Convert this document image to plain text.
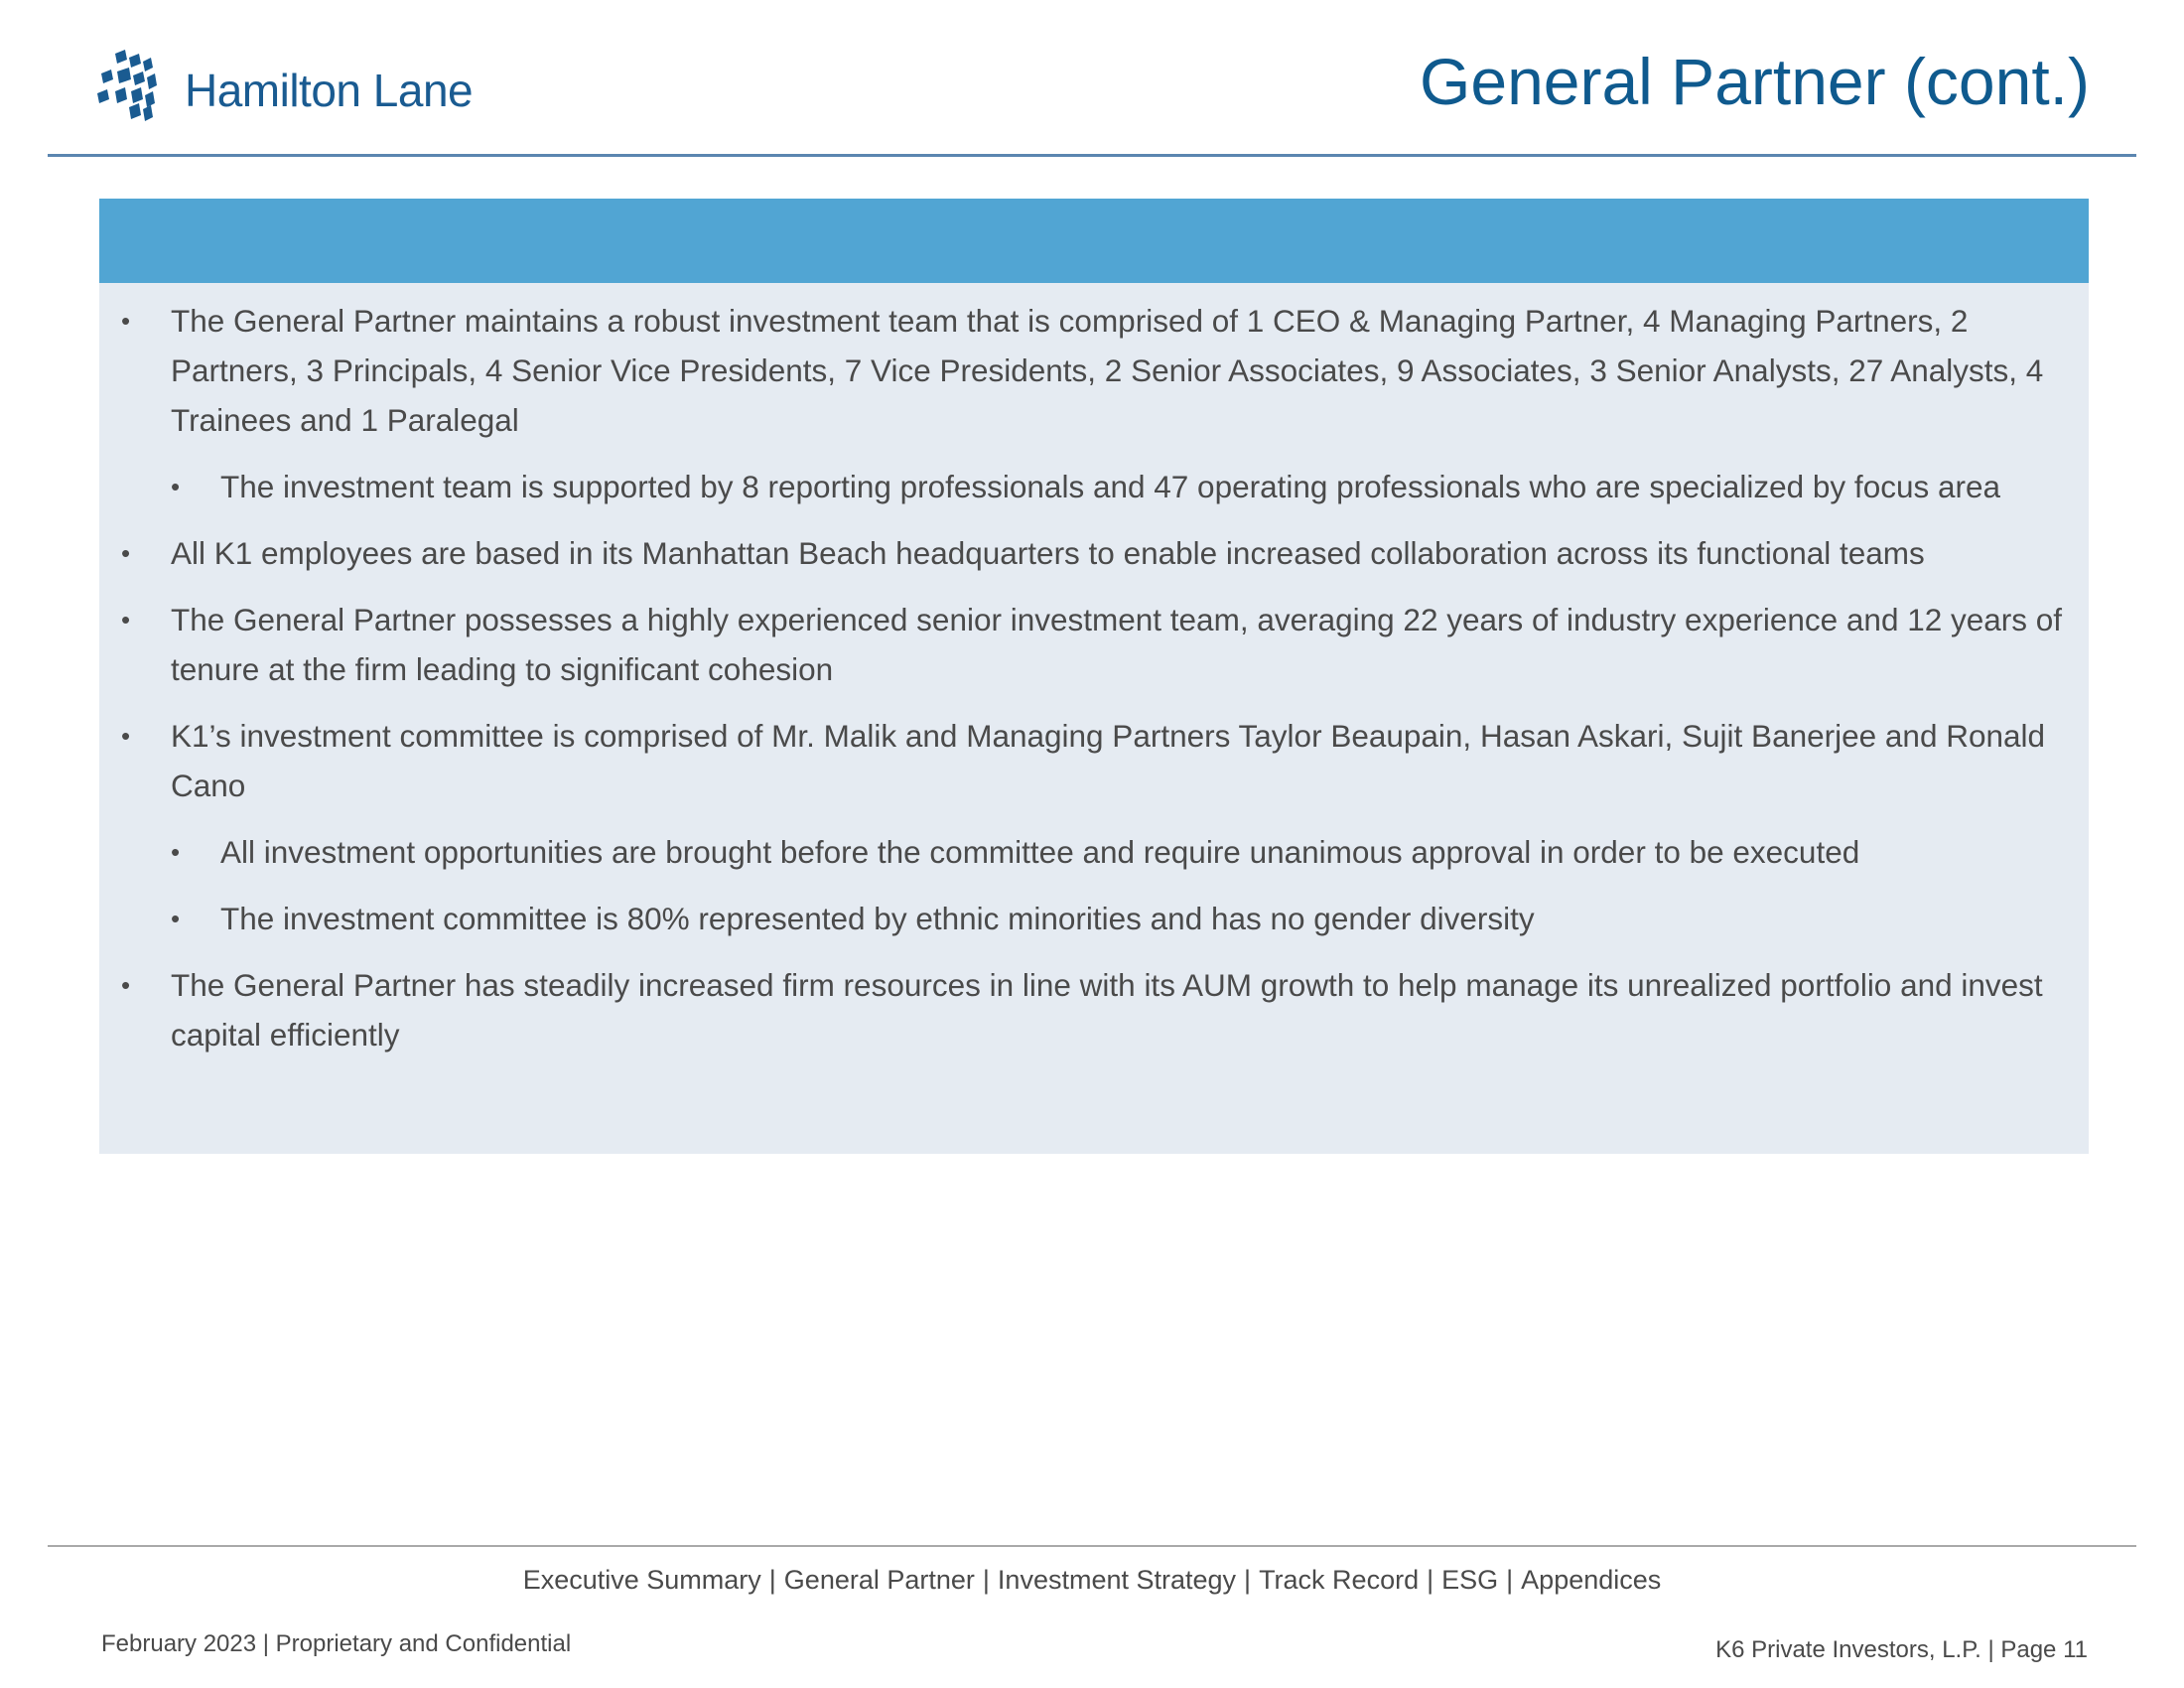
Hamilton Lane	General Partner (cont.)
• The General Partner maintains a robust investment team that is comprised of 1 CEO & Managing Partner, 4 Managing Partners, 2 Partners, 3 Principals, 4 Senior Vice Presidents, 7 Vice Presidents, 2 Senior Associates, 9 Associates, 3 Senior Analysts, 27 Analysts, 4 Trainees and 1 Paralegal
• The investment team is supported by 8 reporting professionals and 47 operating professionals who are specialized by focus area
• All K1 employees are based in its Manhattan Beach headquarters to enable increased collaboration across its functional teams
• The General Partner possesses a highly experienced senior investment team, averaging 22 years of industry experience and 12 years of tenure at the firm leading to significant cohesion
• K1’s investment committee is comprised of Mr. Malik and Managing Partners Taylor Beaupain, Hasan Askari, Sujit Banerjee and Ronald Cano
• All investment opportunities are brought before the committee and require unanimous approval in order to be executed
• The investment committee is 80% represented by ethnic minorities and has no gender diversity
• The General Partner has steadily increased firm resources in line with its AUM growth to help manage its unrealized portfolio and invest capital efficiently
Executive Summary | General Partner | Investment Strategy | Track Record | ESG | Appendices
February 2023 | Proprietary and Confidential	K6 Private Investors, L.P. | Page 11
